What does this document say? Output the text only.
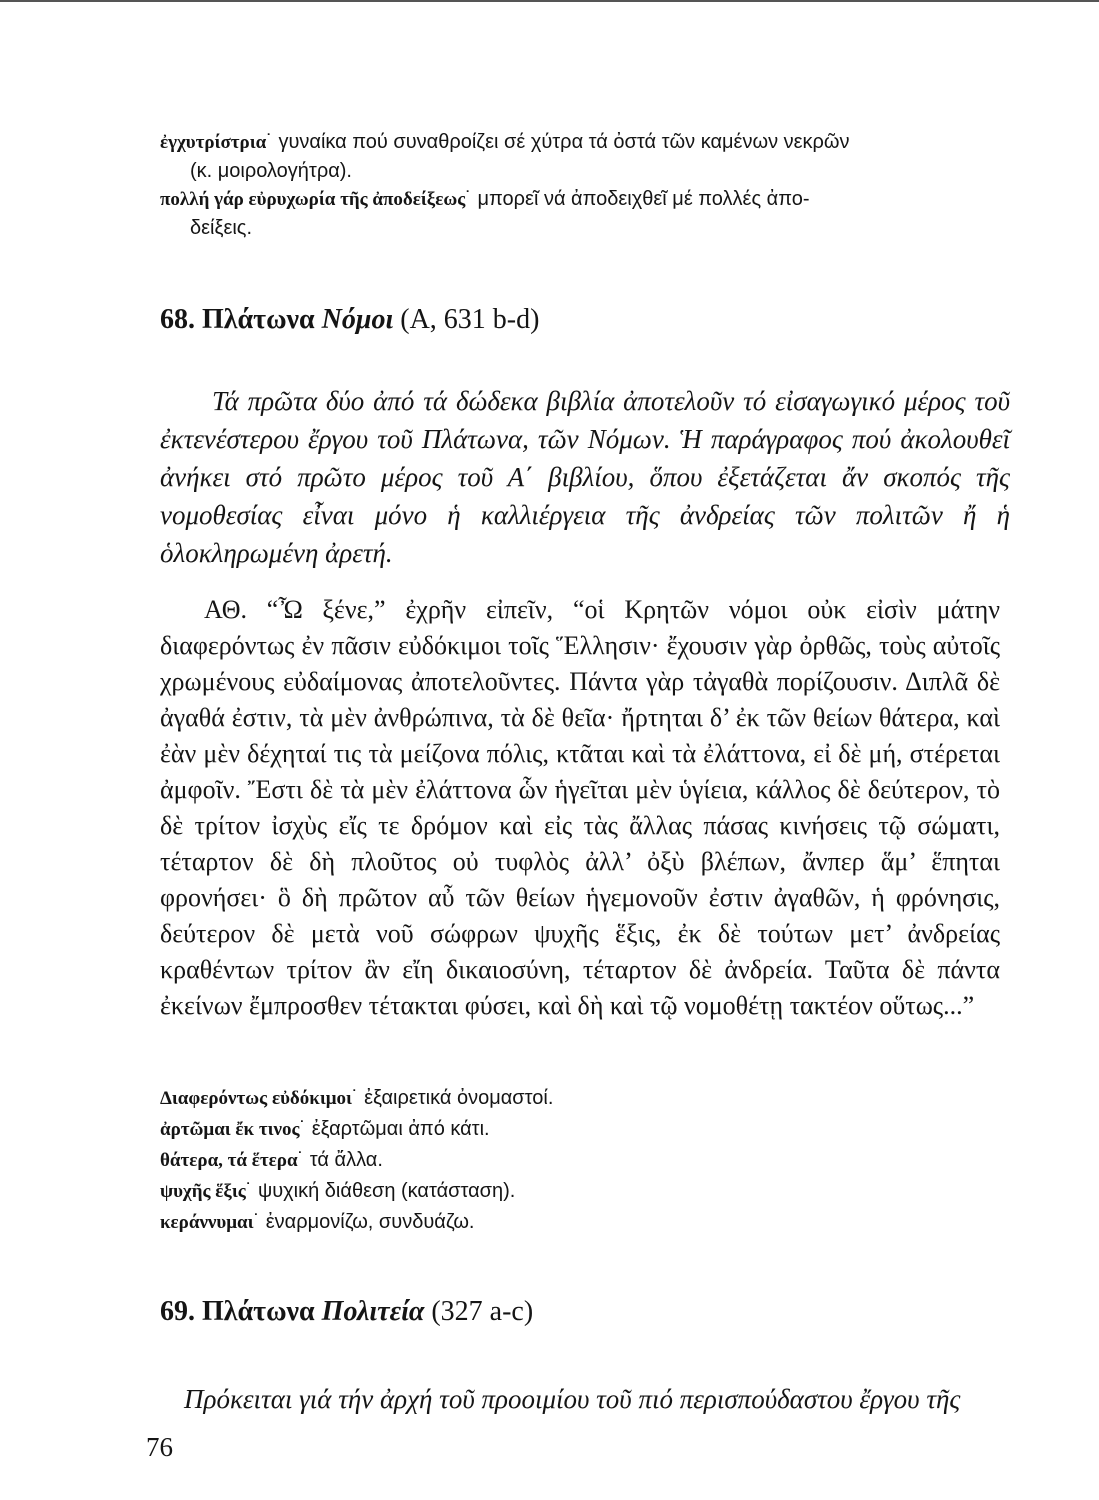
ἐγχυτρίστρια˙ γυναίκα πού συναθροίζει σέ χύτρα τά ὀστά τῶν καμένων νεκρῶν
(κ. μοιρολογήτρα).
πολλή γάρ εὐρυχωρία τῆς ἀποδείξεως˙ μπορεῖ νά ἀποδειχθεῖ μέ πολλές ἀπο-
δείξεις.
68. Πλάτωνα Νόμοι (Α, 631 b-d)
Τά πρῶτα δύο ἀπό τά δώδεκα βιβλία ἀποτελοῦν τό εἰσαγωγικό μέρος τοῦ ἐκτενέστερου ἔργου τοῦ Πλάτωνα, τῶν Νόμων. Ἡ παράγραφος πού ἀκολουθεῖ ἀνήκει στό πρῶτο μέρος τοῦ Α΄ βιβλίου, ὅπου ἐξετάζεται ἄν σκοπός τῆς νομοθεσίας εἶναι μόνο ἡ καλλιέργεια τῆς ἀνδρείας τῶν πολιτῶν ἤ ἡ ὁλοκληρωμένη ἀρετή.
ΑΘ. “Ὦ ξένε,” ἐχρῆν εἰπεῖν, “οἱ Κρητῶν νόμοι οὐκ εἰσὶν μάτην διαφερόντως ἐν πᾶσιν εὐδόκιμοι τοῖς Ἕλλησιν· ἔχουσιν γὰρ ὀρθῶς, τοὺς αὐτοῖς χρωμένους εὐδαίμονας ἀποτελοῦντες. Πάντα γὰρ τἀγαθὰ πορίζουσιν. Διπλᾶ δὲ ἀγαθά ἐστιν, τὰ μὲν ἀνθρώπινα, τὰ δὲ θεῖα· ἤρτηται δ’ ἐκ τῶν θείων θάτερα, καὶ ἐὰν μὲν δέχηταί τις τὰ μείζονα πόλις, κτᾶται καὶ τὰ ἐλάττονα, εἰ δὲ μή, στέρεται ἀμφοῖν. Ἔστι δὲ τὰ μὲν ἐλάττονα ὧν ἡγεῖται μὲν ὑγίεια, κάλλος δὲ δεύτερον, τὸ δὲ τρίτον ἰσχὺς εἴς τε δρόμον καὶ εἰς τὰς ἄλλας πάσας κινήσεις τῷ σώματι, τέταρτον δὲ δὴ πλοῦτος οὐ τυφλὸς ἀλλ’ ὀξὺ βλέπων, ἄνπερ ἅμ’ ἕπηται φρονήσει· ὃ δὴ πρῶτον αὖ τῶν θείων ἡγεμονοῦν ἐστιν ἀγαθῶν, ἡ φρόνησις, δεύτερον δὲ μετὰ νοῦ σώφρων ψυχῆς ἕξις, ἐκ δὲ τούτων μετ’ ἀνδρείας κραθέντων τρίτον ἂν εἴη δικαιοσύνη, τέταρτον δὲ ἀνδρεία. Ταῦτα δὲ πάντα ἐκείνων ἔμπροσθεν τέτακται φύσει, καὶ δὴ καὶ τῷ νομοθέτῃ τακτέον οὕτως...”
Διαφερόντως εὐδόκιμοι˙ ἐξαιρετικά ὀνομαστοί.
ἀρτῶμαι ἔκ τινος˙ ἐξαρτῶμαι ἀπό κάτι.
θάτερα, τά ἕτερα˙ τά ἄλλα.
ψυχῆς ἕξις˙ ψυχική διάθεση (κατάσταση).
κεράννυμαι˙ ἐναρμονίζω, συνδυάζω.
69. Πλάτωνα Πολιτεία (327 a-c)
Πρόκειται γιά τήν ἀρχή τοῦ προοιμίου τοῦ πιό περισπούδαστου ἔργου τῆς
76
